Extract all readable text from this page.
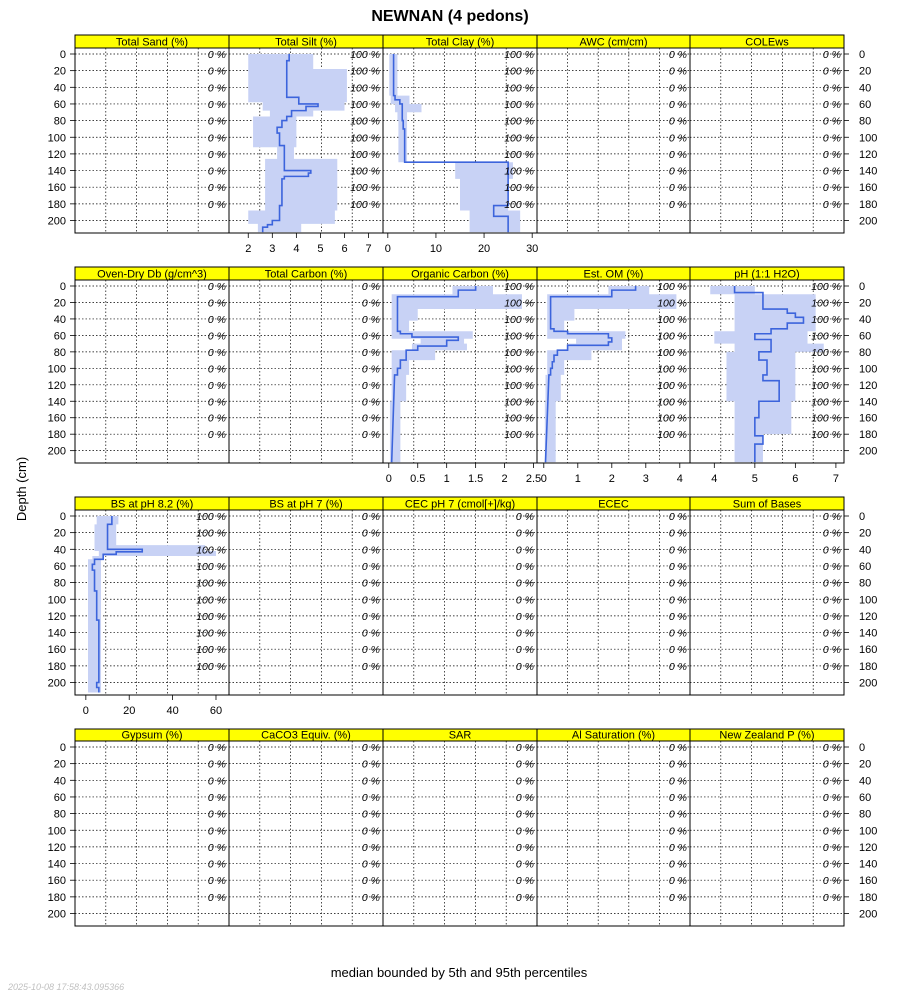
NEWNAN (4 pedons)
Depth (cm)
median bounded by 5th and 95th percentiles
2025-10-08 17:58:43.095366
0 %
0 %
0 %
0 %
0 %
0 %
0 %
0 %
0 %
0 %
Total Sand (%)
2 3 4 5 6 7
100 %
100 %
100 %
100 %
100 %
100 %
100 %
100 %
100 %
100 %
Total Silt (%)
0	10	20	30
100 %
100 %
100 %
100 %
100 %
100 %
100 %
100 %
100 %
100 %
Total Clay (%)
0 %
0 %
0 %
0 %
0 %
0 %
0 %
0 %
0 %
0 %
AWC (cm/cm)
0 %
0 %
0 %
0 %
0 %
0 %
0 %
0 %
0 %
0 %
COLEws
0 %
0 %
0 %
0 %
0 %
0 %
0 %
0 %
0 %
0 %
Oven-Dry Db (g/cm^3)
0 %
0 %
0 %
0 %
0 %
0 %
0 %
0 %
0 %
0 %
Total Carbon (%)
0 0.5 1 1.5 2 2.5
100 %
100 %
100 %
100 %
100 %
100 %
100 %
100 %
100 %
100 %
Organic Carbon (%)
0	1	2	3	4
100 %
100 %
100 %
100 %
100 %
100 %
100 %
100 %
100 %
100 %
Est. OM (%)
4	5	6	7
100 %
100 %
100 %
100 %
100 %
100 %
100 %
100 %
100 %
100 %
pH (1:1 H2O)
0	20	40	60
100 %
100 %
100 %
100 %
100 %
100 %
100 %
100 %
100 %
100 %
BS at pH 8.2 (%)
0 %
0 %
0 %
0 %
0 %
0 %
0 %
0 %
0 %
0 %
BS at pH 7 (%)
0 %
0 %
0 %
0 %
0 %
0 %
0 %
0 %
0 %
0 %
CEC pH 7 (cmol[+]/kg)
0 %
0 %
0 %
0 %
0 %
0 %
0 %
0 %
0 %
0 %
ECEC
0 %
0 %
0 %
0 %
0 %
0 %
0 %
0 %
0 %
0 %
Sum of Bases
0 %
0 %
0 %
0 %
0 %
0 %
0 %
0 %
0 %
0 %
Gypsum (%)
0 %
0 %
0 %
0 %
0 %
0 %
0 %
0 %
0 %
0 %
CaCO3 Equiv. (%)
0 %
0 %
0 %
0 %
0 %
0 %
0 %
0 %
0 %
0 %
SAR
0 %
0 %
0 %
0 %
0 %
0 %
0 %
0 %
0 %
0 %
Al Saturation (%)
0 %
0 %
0 %
0 %
0 %
0 %
0 %
0 %
0 %
0 %
New Zealand P (%)
0	0
20	20
40	40
60	60
80	80
100	100
120	120
140	140
160	160
180	180
200	200
0	0
20	20
40	40
60	60
80	80
100	100
120	120
140	140
160	160
180	180
200	200
0	0
20	20
40	40
60	60
80	80
100	100
120	120
140	140
160	160
180	180
200	200
0	0
20	20
40	40
60	60
80	80
100	100
120	120
140	140
160	160
180	180
200	200
